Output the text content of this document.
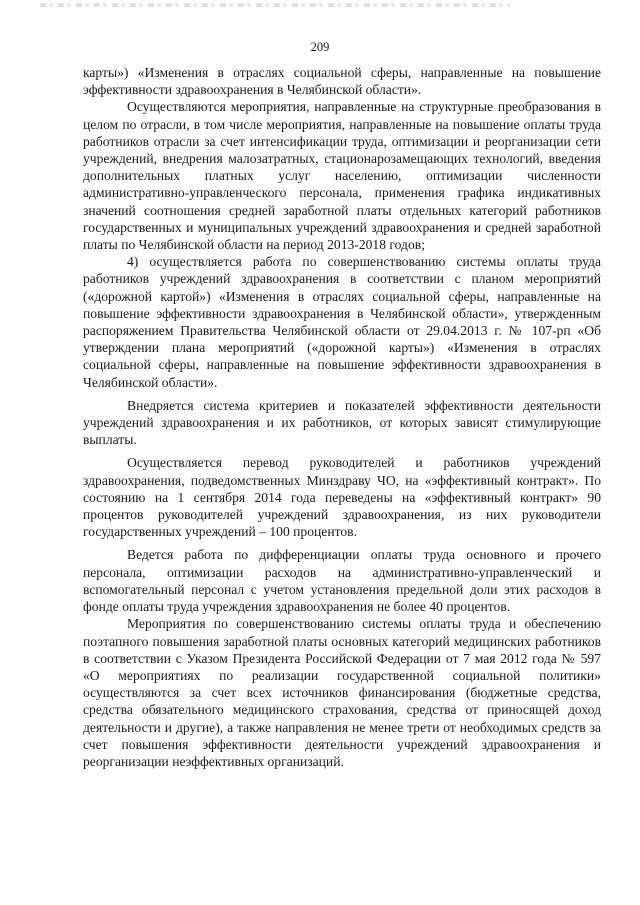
209

карты») «Изменения в отраслях социальной сферы, направленные на повышение эффективности здравоохранения в Челябинской области».

Осуществляются мероприятия, направленные на структурные преобразования в целом по отрасли, в том числе мероприятия, направленные на повышение оплаты труда работников отрасли за счет интенсификации труда, оптимизации и реорганизации сети учреждений, внедрения малозатратных, стационарозамещающих технологий, введения дополнительных платных услуг населению, оптимизации численности административно-управленческого персонала, применения графика индикативных значений соотношения средней заработной платы отдельных категорий работников государственных и муниципальных учреждений здравоохранения и средней заработной платы по Челябинской области на период 2013-2018 годов;

4) осуществляется работа по совершенствованию системы оплаты труда работников учреждений здравоохранения в соответствии с планом мероприятий («дорожной картой») «Изменения в отраслях социальной сферы, направленные на повышение эффективности здравоохранения в Челябинской области», утвержденным распоряжением Правительства Челябинской области от 29.04.2013 г. № 107-рп «Об утверждении плана мероприятий («дорожной карты») «Изменения в отраслях социальной сферы, направленные на повышение эффективности здравоохранения в Челябинской области».

Внедряется система критериев и показателей эффективности деятельности учреждений здравоохранения и их работников, от которых зависят стимулирующие выплаты.

Осуществляется перевод руководителей и работников учреждений здравоохранения, подведомственных Минздраву ЧО, на «эффективный контракт». По состоянию на 1 сентября 2014 года переведены на «эффективный контракт» 90 процентов руководителей учреждений здравоохранения, из них руководители государственных учреждений – 100 процентов.

Ведется работа по дифференциации оплаты труда основного и прочего персонала, оптимизации расходов на административно-управленческий и вспомогательный персонал с учетом установления предельной доли этих расходов в фонде оплаты труда учреждения здравоохранения не более 40 процентов.

Мероприятия по совершенствованию системы оплаты труда и обеспечению поэтапного повышения заработной платы основных категорий медицинских работников в соответствии с Указом Президента Российской Федерации от 7 мая 2012 года № 597 «О мероприятиях по реализации государственной социальной политики» осуществляются за счет всех источников финансирования (бюджетные средства, средства обязательного медицинского страхования, средства от приносящей доход деятельности и другие), а также направления не менее трети от необходимых средств за счет повышения эффективности деятельности учреждений здравоохранения и реорганизации неэффективных организаций.
